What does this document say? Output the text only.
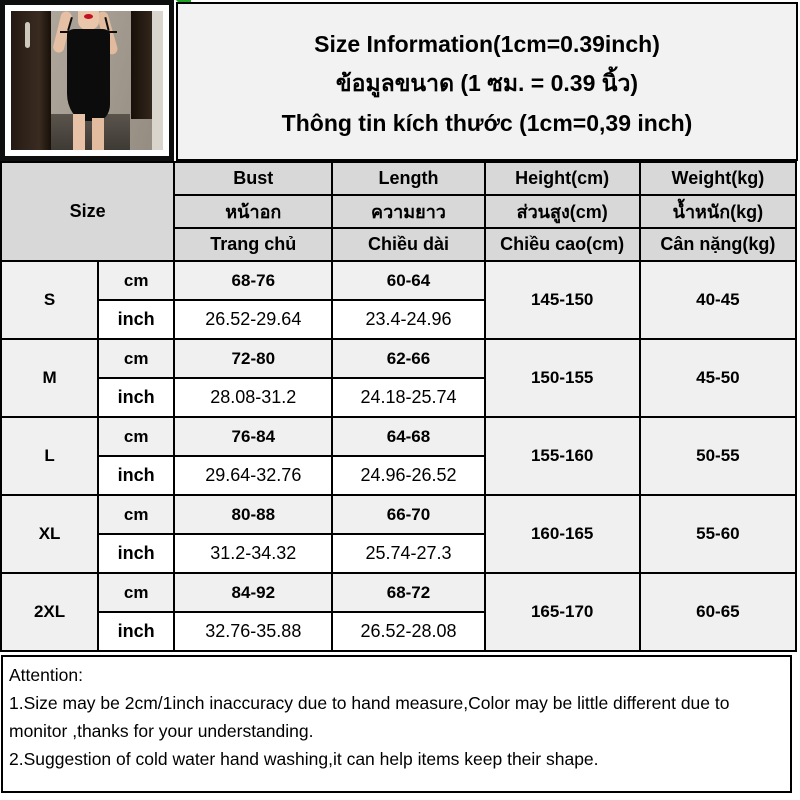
Size Information(1cm=0.39inch)
ข้อมูลขนาด (1 ซม. = 0.39 นิ้ว)
Thông tin kích thước (1cm=0,39 inch)
Size		Bust	Length	Height(cm)	Weight(kg)
		หน้าอก	ความยาว	ส่วนสูง(cm)	น้ำหนัก(kg)
		Trang chủ	Chiều dài	Chiều cao(cm)	Cân nặng(kg)
S	cm	68-76	60-64	145-150	40-45
	inch	26.52-29.64	23.4-24.96		
M	cm	72-80	62-66	150-155	45-50
	inch	28.08-31.2	24.18-25.74		
L	cm	76-84	64-68	155-160	50-55
	inch	29.64-32.76	24.96-26.52		
XL	cm	80-88	66-70	160-165	55-60
	inch	31.2-34.32	25.74-27.3		
2XL	cm	84-92	68-72	165-170	60-65
	inch	32.76-35.88	26.52-28.08		

Attention:

1.Size may be 2cm/1inch inaccuracy due to hand measure,Color may be little different due to monitor ,thanks for your understanding.

2.Suggestion of cold water hand washing,it can help items keep their shape.
